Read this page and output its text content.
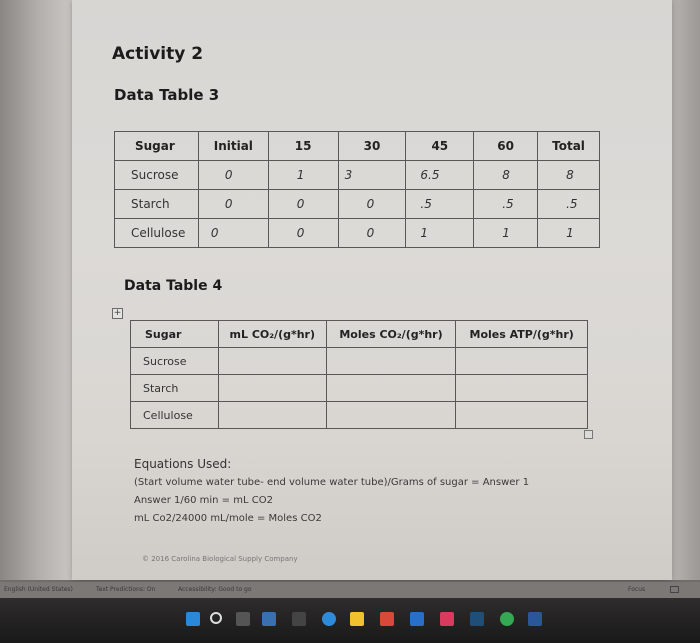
Activity 2
Data Table 3
Sugar	Initial	15	30	45	60	Total
Sucrose	0	1	3	6.5	8	8
Starch	0	0	0	.5	.5	.5
Cellulose	0	0	0	1	1	1
Data Table 4
+
Sugar	mL CO₂/(g*hr)	Moles CO₂/(g*hr)	Moles ATP/(g*hr)
Sucrose			
Starch			
Cellulose			
Equations Used:
(Start volume water tube- end volume water tube)/Grams of sugar = Answer 1
Answer 1/60 min = mL CO2
mL Co2/24000 mL/mole = Moles CO2
© 2016 Carolina Biological Supply Company
English (United States)	Text Predictions: On	Accessibility: Good to go	Focus
